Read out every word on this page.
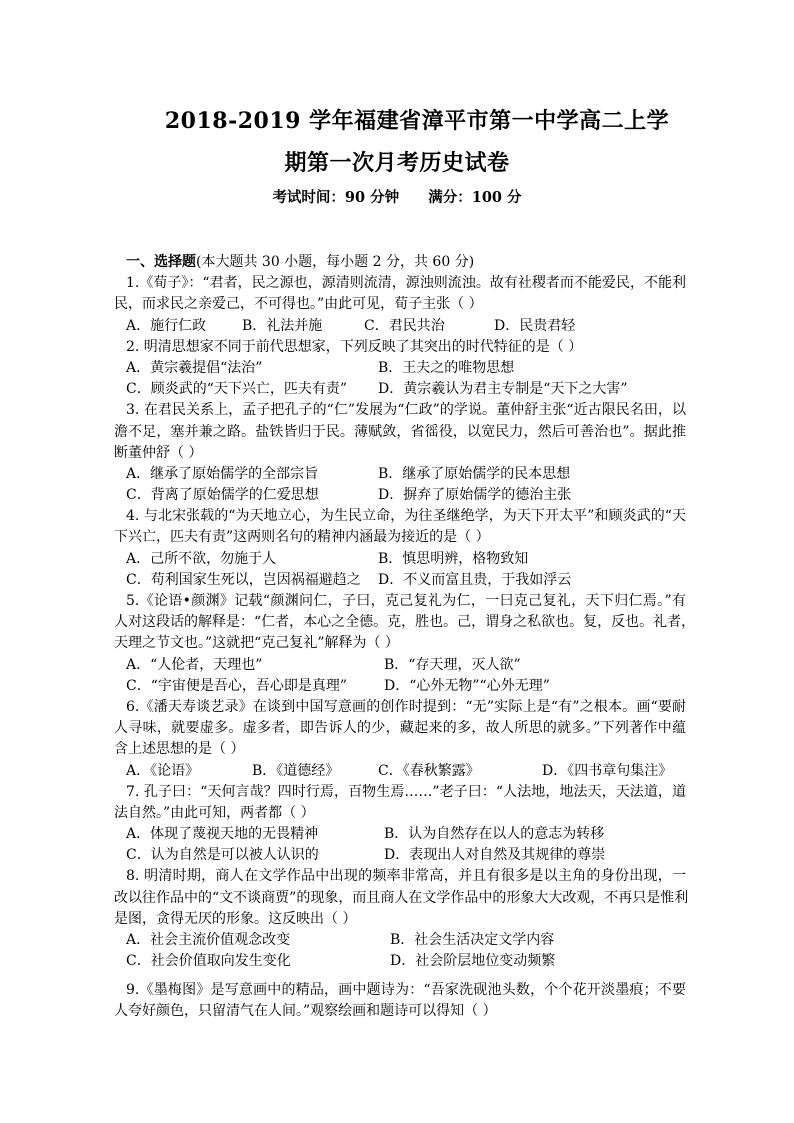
2018-2019 学年福建省漳平市第一中学高二上学
期第一次月考历史试卷
考试时间：90 分钟 满分：100 分
一、选择题(本大题共 30 小题，每小题 2 分，共 60 分)
1.《荀子》：“君者，民之源也，源清则流清，源浊则流浊。故有社稷者而不能爱民，不能利
民，而求民之亲爱己，不可得也。”由此可见，荀子主张（ ）
A．施行仁政	B．礼法并施	C．君民共治	D．民贵君轻
2. 明清思想家不同于前代思想家，下列反映了其突出的时代特征的是（ ）
A．黄宗羲提倡“法治”	B．王夫之的唯物思想
C．顾炎武的“天下兴亡，匹夫有责”	D．黄宗羲认为君主专制是“天下之大害”
3. 在君民关系上，孟子把孔子的“仁”发展为“仁政”的学说。董仲舒主张“近古限民名田，以
澹不足，塞并兼之路。盐铁皆归于民。薄赋敛，省徭役，以宽民力，然后可善治也”。据此推
断董仲舒（ ）
A．继承了原始儒学的全部宗旨	B．继承了原始儒学的民本思想
C．背离了原始儒学的仁爱思想	D．摒弃了原始儒学的德治主张
4. 与北宋张载的“为天地立心，为生民立命，为往圣继绝学，为天下开太平”和顾炎武的“天
下兴亡，匹夫有责”这两则名句的精神内涵最为接近的是（ ）
A．己所不欲，勿施于人	B．慎思明辨，格物致知
C．苟利国家生死以，岂因祸福避趋之	D．不义而富且贵，于我如浮云
5.《论语•颜渊》记载“颜渊问仁，子曰，克己复礼为仁，一曰克己复礼，天下归仁焉。”有
人对这段话的解释是：“仁者，本心之全德。克，胜也。己，谓身之私欲也。复，反也。礼者，
天理之节文也。”这就把“克己复礼”解释为（ ）
A．“人伦者，天理也”	B．“存天理，灭人欲”
C．“宇宙便是吾心，吾心即是真理”	D．“心外无物”“心外无理”
6.《潘天寿谈艺录》在谈到中国写意画的创作时提到：“无”实际上是“有”之根本。画“要耐
人寻味，就要虚多。虚多者，即告诉人的少，藏起来的多，故人所思的就多。”下列著作中蕴
含上述思想的是（ ）
A．《论语》	B．《道德经》	C．《春秋繁露》	D．《四书章句集注》
7. 孔子曰：“天何言哉？四时行焉，百物生焉……”老子曰：“人法地，地法天，天法道，道
法自然。”由此可知，两者都（ ）
A．体现了蔑视天地的无畏精神	B．认为自然存在以人的意志为转移
C．认为自然是可以被人认识的	D．表现出人对自然及其规律的尊崇
8. 明清时期，商人在文学作品中出现的频率非常高，并且有很多是以主角的身份出现，一
改以往作品中的“文不谈商贾”的现象，而且商人在文学作品中的形象大大改观，不再只是惟利
是图，贪得无厌的形象。这反映出（ ）
A．社会主流价值观念改变	B．社会生活决定文学内容
C．社会价值取向发生变化	D．社会阶层地位变动频繁
9.《墨梅图》是写意画中的精品，画中题诗为：“吾家洗砚池头数，个个花开淡墨痕；不要
人夸好颜色，只留清气在人间。”观察绘画和题诗可以得知（ ）
